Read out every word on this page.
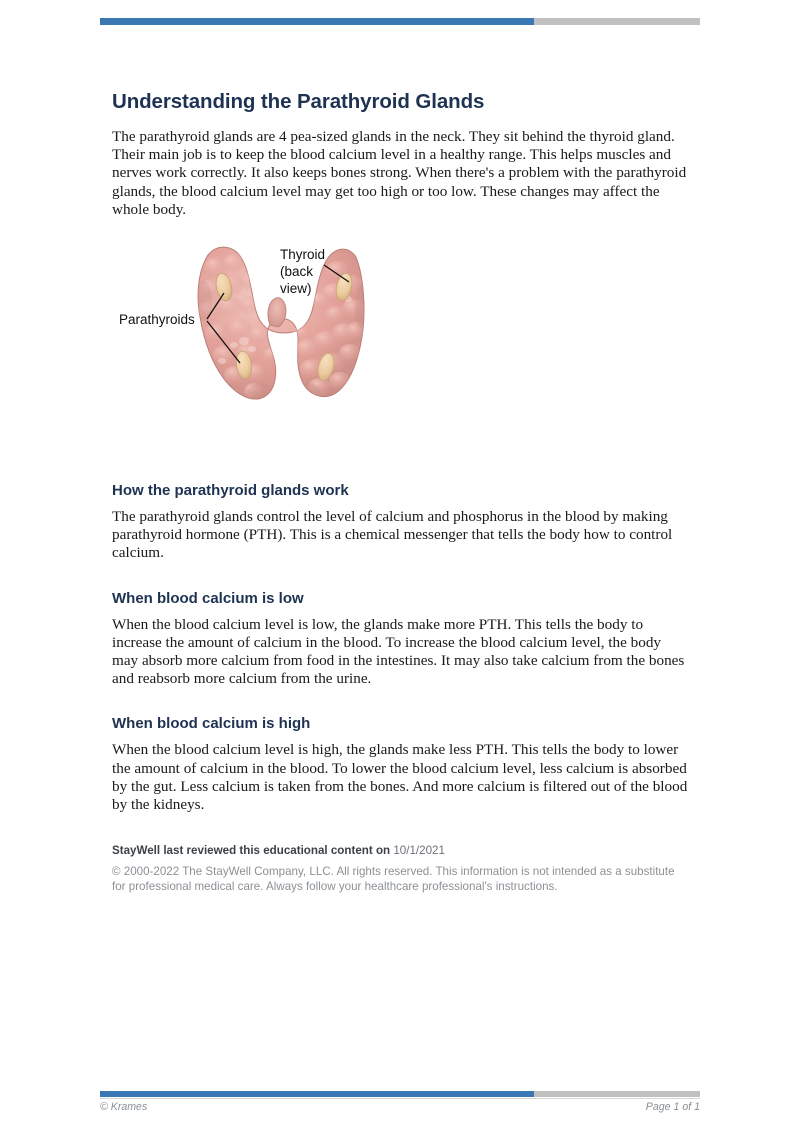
Understanding the Parathyroid Glands

The parathyroid glands are 4 pea-sized glands in the neck. They sit behind the thyroid gland. Their main job is to keep the blood calcium level in a healthy range. This helps muscles and nerves work correctly. It also keeps bones strong. When there's a problem with the parathyroid glands, the blood calcium level may get too high or too low. These changes may affect the whole body.

Parathyroids
Thyroid
(back
view)
How the parathyroid glands work

The parathyroid glands control the level of calcium and phosphorus in the blood by making parathyroid hormone (PTH). This is a chemical messenger that tells the body how to control calcium.

When blood calcium is low

When the blood calcium level is low, the glands make more PTH. This tells the body to increase the amount of calcium in the blood. To increase the blood calcium level, the body may absorb more calcium from food in the intestines. It may also take calcium from the bones and reabsorb more calcium from the urine.

When blood calcium is high

When the blood calcium level is high, the glands make less PTH. This tells the body to lower the amount of calcium in the blood. To lower the blood calcium level, less calcium is absorbed by the gut. Less calcium is taken from the bones. And more calcium is filtered out of the blood by the kidneys.

StayWell last reviewed this educational content on 10/1/2021

© 2000-2022 The StayWell Company, LLC. All rights reserved. This information is not intended as a substitute for professional medical care. Always follow your healthcare professional's instructions.

© Krames	Page 1 of 1
